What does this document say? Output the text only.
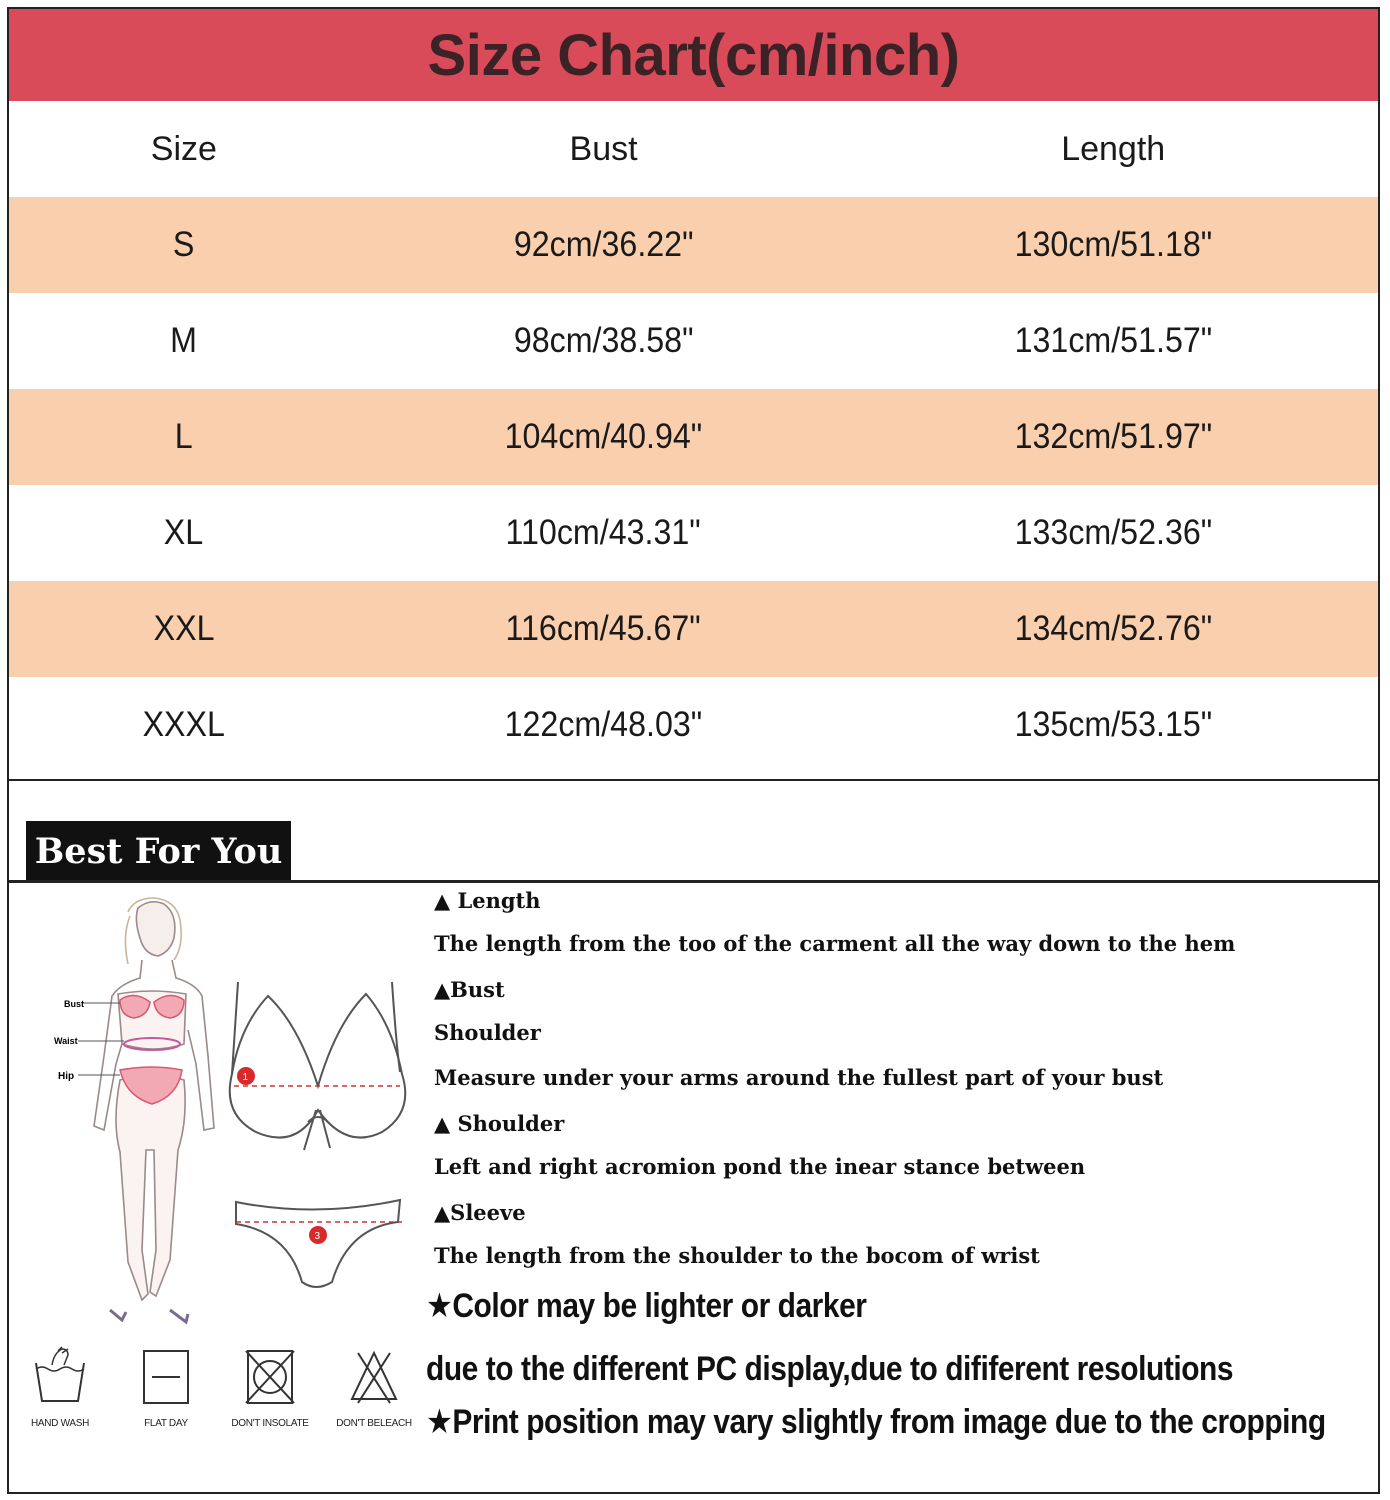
Size Chart(cm/inch)
Size	Bust	Length
S	92cm/36.22"	130cm/51.18"
M	98cm/38.58"	131cm/51.57"
L	104cm/40.94"	132cm/51.97"
XL	110cm/43.31"	133cm/52.36"
XXL	116cm/45.67"	134cm/52.76"
XXXL	122cm/48.03"	135cm/53.15"
Best For You
Bust
Waist
Hip	1
3
▲ Length
The length from the too of the carment all the way down to the hem
▲Bust
Shoulder
Measure under your arms around the fullest part of your bust
▲ Shoulder
Left and right acromion pond the inear stance between
▲Sleeve
The length from the shoulder to the bocom of wrist
★Color may be lighter or darker
due to the different PC display,due to dififerent resolutions
★Print position may vary slightly from image due to the cropping
HAND WASH	FLAT DAY	DON'T INSOLATE	DON'T BELEACH
